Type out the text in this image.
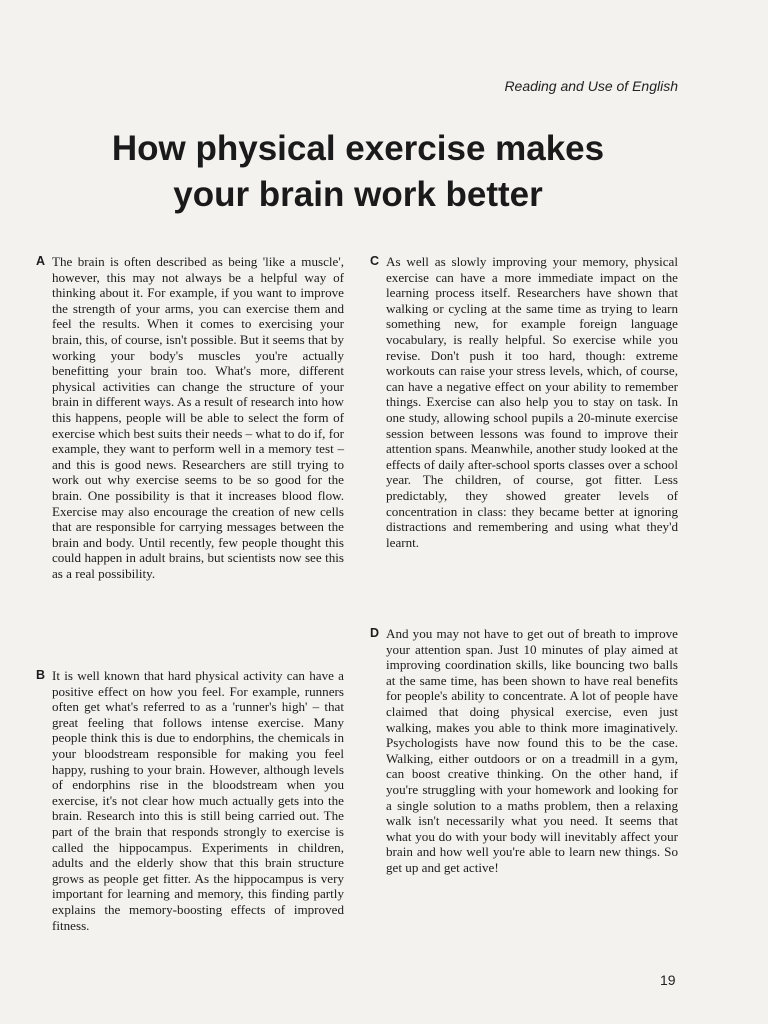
Reading and Use of English
How physical exercise makes
your brain work better

A The brain is often described as being 'like a muscle', however, this may not always be a helpful way of thinking about it. For example, if you want to improve the strength of your arms, you can exercise them and feel the results. When it comes to exercising your brain, this, of course, isn't possible. But it seems that by working your body's muscles you're actually benefitting your brain too. What's more, different physical activities can change the structure of your brain in different ways. As a result of research into how this happens, people will be able to select the form of exercise which best suits their needs – what to do if, for example, they want to perform well in a memory test – and this is good news. Researchers are still trying to work out why exercise seems to be so good for the brain. One possibility is that it increases blood flow. Exercise may also encourage the creation of new cells that are responsible for carrying messages between the brain and body. Until recently, few people thought this could happen in adult brains, but scientists now see this as a real possibility.

B It is well known that hard physical activity can have a positive effect on how you feel. For example, runners often get what's referred to as a 'runner's high' – that great feeling that follows intense exercise. Many people think this is due to endorphins, the chemicals in your bloodstream responsible for making you feel happy, rushing to your brain. However, although levels of endorphins rise in the bloodstream when you exercise, it's not clear how much actually gets into the brain. Research into this is still being carried out. The part of the brain that responds strongly to exercise is called the hippocampus. Experiments in children, adults and the elderly show that this brain structure grows as people get fitter. As the hippocampus is very important for learning and memory, this finding partly explains the memory-boosting effects of improved fitness.

C As well as slowly improving your memory, physical exercise can have a more immediate impact on the learning process itself. Researchers have shown that walking or cycling at the same time as trying to learn something new, for example foreign language vocabulary, is really helpful. So exercise while you revise. Don't push it too hard, though: extreme workouts can raise your stress levels, which, of course, can have a negative effect on your ability to remember things. Exercise can also help you to stay on task. In one study, allowing school pupils a 20-minute exercise session between lessons was found to improve their attention spans. Meanwhile, another study looked at the effects of daily after-school sports classes over a school year. The children, of course, got fitter. Less predictably, they showed greater levels of concentration in class: they became better at ignoring distractions and remembering and using what they'd learnt.

D And you may not have to get out of breath to improve your attention span. Just 10 minutes of play aimed at improving coordination skills, like bouncing two balls at the same time, has been shown to have real benefits for people's ability to concentrate. A lot of people have claimed that doing physical exercise, even just walking, makes you able to think more imaginatively. Psychologists have now found this to be the case. Walking, either outdoors or on a treadmill in a gym, can boost creative thinking. On the other hand, if you're struggling with your homework and looking for a single solution to a maths problem, then a relaxing walk isn't necessarily what you need. It seems that what you do with your body will inevitably affect your brain and how well you're able to learn new things. So get up and get active!

19
